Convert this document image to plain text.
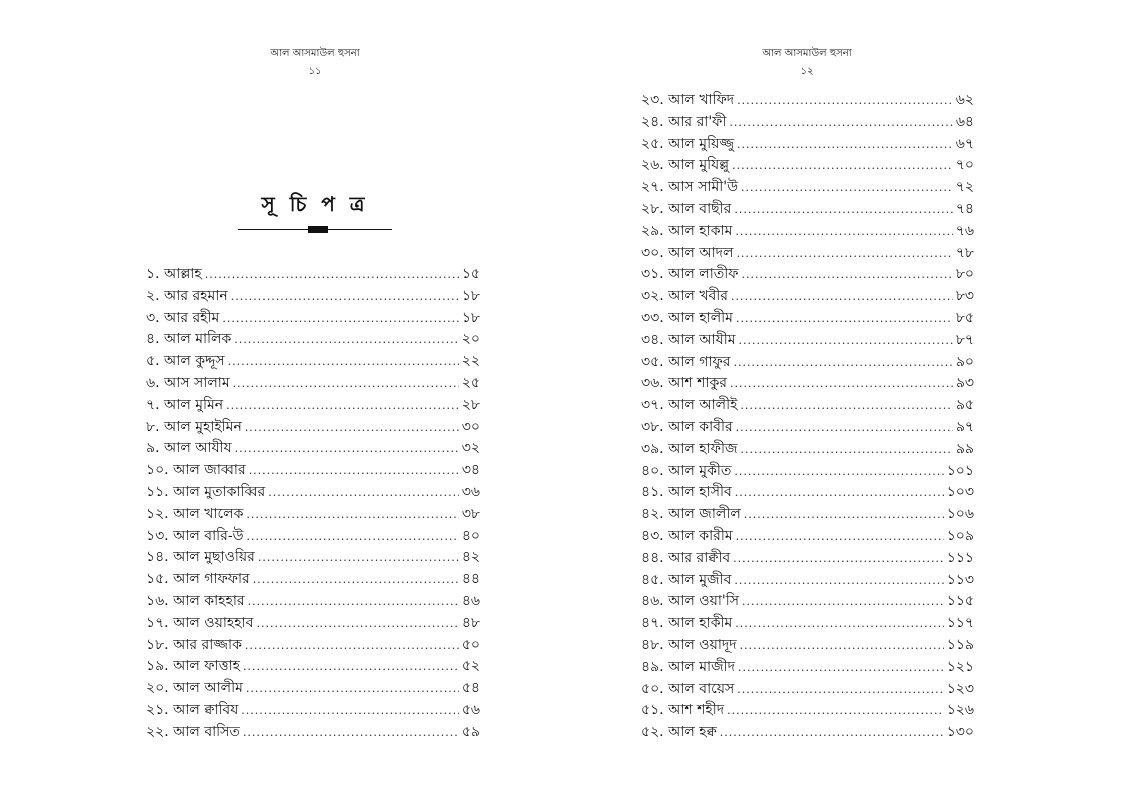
আল আসমাউল হুসনা
১১
সূ চি প ত্র
১. আল্লাহ .....	১৫
২. আর রহমান .....	১৮
৩. আর রহীম .....	১৮
৪. আল মালিক .....	২০
৫. আল কুদ্দূস .....	২২
৬. আস সালাম .....	২৫
৭. আল মুমিন .....	২৮
৮. আল মুহাইমিন .....	৩০
৯. আল আযীয .....	৩২
১০. আল জাব্বার .....	৩৪
১১. আল মুতাকাব্বির .....	৩৬
১২. আল খালেক .....	৩৮
১৩. আল বারি-উ .....	৪০
১৪. আল মুছাওয়ির .....	৪২
১৫. আল গাফফার .....	৪৪
১৬. আল কাহহার .....	৪৬
১৭. আল ওয়াহহাব .....	৪৮
১৮. আর রাজ্জাক .....	৫০
১৯. আল ফাত্তাহ .....	৫২
২০. আল আলীম .....	৫৪
২১. আল ক্বাবিয .....	৫৬
২২. আল বাসিত .....	৫৯
আল আসমাউল হুসনা
১২
২৩. আল খাফিদ .....	৬২
২৪. আর রা'ফী .....	৬৪
২৫. আল মুয়িজ্জু .....	৬৭
২৬. আল মুযিল্লু .....	৭০
২৭. আস সামী'উ .....	৭২
২৮. আল বাছীর .....	৭৪
২৯. আল হাকাম .....	৭৬
৩০. আল আদল .....	৭৮
৩১. আল লাতীফ .....	৮০
৩২. আল খবীর .....	৮৩
৩৩. আল হালীম .....	৮৫
৩৪. আল আযীম .....	৮৭
৩৫. আল গাফুর .....	৯০
৩৬. আশ শাকুর .....	৯৩
৩৭. আল আলীই .....	৯৫
৩৮. আল কাবীর .....	৯৭
৩৯. আল হাফীজ .....	৯৯
৪০. আল মুকীত .....	১০১
৪১. আল হাসীব .....	১০৩
৪২. আল জালীল .....	১০৬
৪৩. আল কারীম .....	১০৯
৪৪. আর রাক্বীব .....	১১১
৪৫. আল মুজীব .....	১১৩
৪৬. আল ওয়া'সি .....	১১৫
৪৭. আল হাকীম .....	১১৭
৪৮. আল ওয়াদূদ .....	১১৯
৪৯. আল মাজীদ .....	১২১
৫০. আল বায়েস .....	১২৩
৫১. আশ শহীদ .....	১২৬
৫২. আল হক্ব .....	১৩০
